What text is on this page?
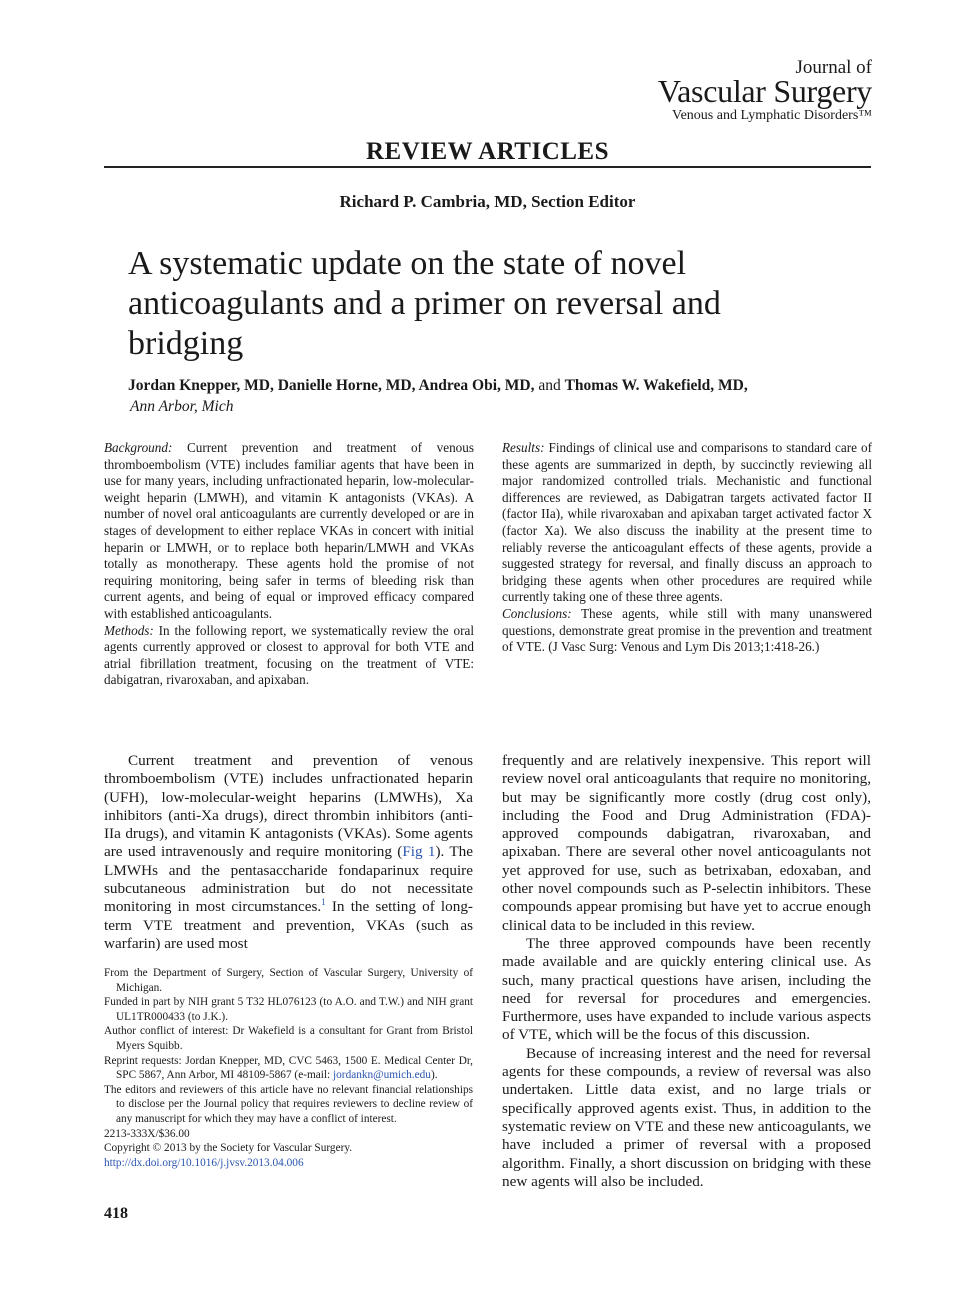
Journal of
Vascular Surgery
Venous and Lymphatic Disorders™
REVIEW ARTICLES
Richard P. Cambria, MD, Section Editor
A systematic update on the state of novel anticoagulants and a primer on reversal and bridging
Jordan Knepper, MD, Danielle Horne, MD, Andrea Obi, MD, and Thomas W. Wakefield, MD,
Ann Arbor, Mich

Background: Current prevention and treatment of venous thromboembolism (VTE) includes familiar agents that have been in use for many years, including unfractionated heparin, low-molecular-weight heparin (LMWH), and vitamin K antagonists (VKAs). A number of novel oral anticoagulants are currently developed or are in stages of development to either replace VKAs in concert with initial heparin or LMWH, or to replace both heparin/LMWH and VKAs totally as monotherapy. These agents hold the promise of not requiring monitoring, being safer in terms of bleeding risk than current agents, and being of equal or improved efficacy compared with established anticoagulants.

Methods: In the following report, we systematically review the oral agents currently approved or closest to approval for both VTE and atrial fibrillation treatment, focusing on the treatment of VTE: dabigatran, rivaroxaban, and apixaban.

Results: Findings of clinical use and comparisons to standard care of these agents are summarized in depth, by succinctly reviewing all major randomized controlled trials. Mechanistic and functional differences are reviewed, as Dabigatran targets activated factor II (factor IIa), while rivaroxaban and apixaban target activated factor X (factor Xa). We also discuss the inability at the present time to reliably reverse the anticoagulant effects of these agents, provide a suggested strategy for reversal, and finally discuss an approach to bridging these agents when other procedures are required while currently taking one of these three agents.

Conclusions: These agents, while still with many unanswered questions, demonstrate great promise in the prevention and treatment of VTE. (J Vasc Surg: Venous and Lym Dis 2013;1:418-26.)

Current treatment and prevention of venous thromboembolism (VTE) includes unfractionated heparin (UFH), low-molecular-weight heparins (LMWHs), Xa inhibitors (anti-Xa drugs), direct thrombin inhibitors (anti-IIa drugs), and vitamin K antagonists (VKAs). Some agents are used intravenously and require monitoring (Fig 1). The LMWHs and the pentasaccharide fondaparinux require subcutaneous administration but do not necessitate monitoring in most circumstances.$^1$ In the setting of long-term VTE treatment and prevention, VKAs (such as warfarin) are used most

frequently and are relatively inexpensive. This report will review novel oral anticoagulants that require no monitoring, but may be significantly more costly (drug cost only), including the Food and Drug Administration (FDA)-approved compounds dabigatran, rivaroxaban, and apixaban. There are several other novel anticoagulants not yet approved for use, such as betrixaban, edoxaban, and other novel compounds such as P-selectin inhibitors. These compounds appear promising but have yet to accrue enough clinical data to be included in this review.

The three approved compounds have been recently made available and are quickly entering clinical use. As such, many practical questions have arisen, including the need for reversal for procedures and emergencies. Furthermore, uses have expanded to include various aspects of VTE, which will be the focus of this discussion.

Because of increasing interest and the need for reversal agents for these compounds, a review of reversal was also undertaken. Little data exist, and no large trials or specifically approved agents exist. Thus, in addition to the systematic review on VTE and these new anticoagulants, we have included a primer of reversal with a proposed algorithm. Finally, a short discussion on bridging with these new agents will also be included.

From the Department of Surgery, Section of Vascular Surgery, University of Michigan.
Funded in part by NIH grant 5 T32 HL076123 (to A.O. and T.W.) and NIH grant UL1TR000433 (to J.K.).
Author conflict of interest: Dr Wakefield is a consultant for Grant from Bristol Myers Squibb.
Reprint requests: Jordan Knepper, MD, CVC 5463, 1500 E. Medical Center Dr, SPC 5867, Ann Arbor, MI 48109-5867 (e-mail: jordankn@umich.edu).
The editors and reviewers of this article have no relevant financial relationships to disclose per the Journal policy that requires reviewers to decline review of any manuscript for which they may have a conflict of interest.
2213-333X/$36.00
Copyright © 2013 by the Society for Vascular Surgery.
http://dx.doi.org/10.1016/j.jvsv.2013.04.006
418
